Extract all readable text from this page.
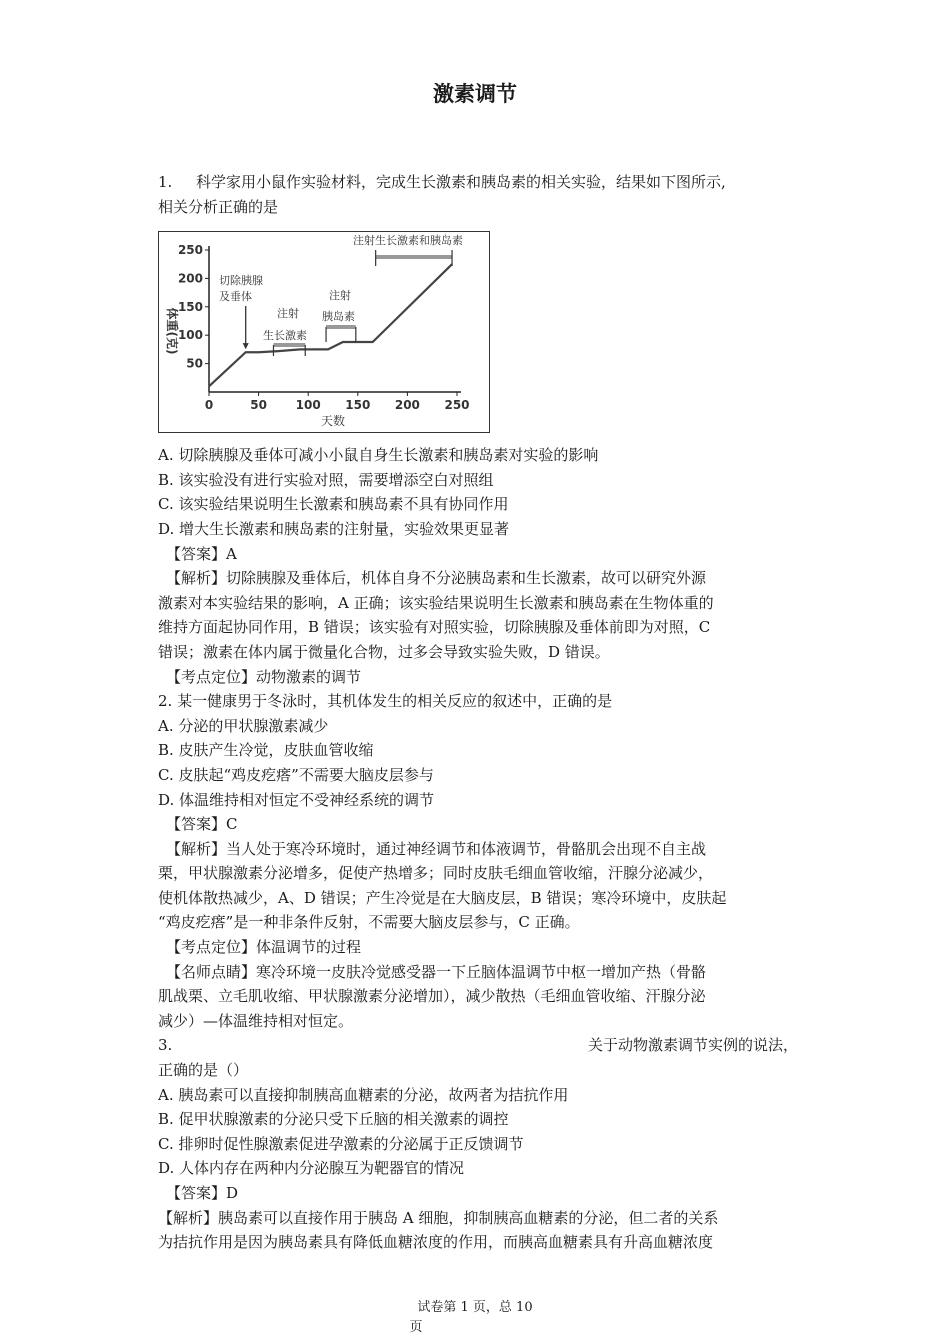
激素调节
1.	科学家用小鼠作实验材料，完成生长激素和胰岛素的相关实验，结果如下图所示,
相关分析正确的是
0	50 100 150 200 250
50
100
150
200
250
天数
体重(克)
切除胰腺
及垂体
注射
生长激素
注射
胰岛素
注射生长激素和胰岛素
A. 切除胰腺及垂体可减小小鼠自身生长激素和胰岛素对实验的影响
B. 该实验没有进行实验对照，需要增添空白对照组
C. 该实验结果说明生长激素和胰岛素不具有协同作用
D. 增大生长激素和胰岛素的注射量，实验效果更显著
【答案】A
【解析】切除胰腺及垂体后，机体自身不分泌胰岛素和生长激素，故可以研究外源
激素对本实验结果的影响，A 正确；该实验结果说明生长激素和胰岛素在生物体重的
维持方面起协同作用，B 错误；该实验有对照实验，切除胰腺及垂体前即为对照，C
错误；激素在体内属于微量化合物，过多会导致实验失败，D 错误。
【考点定位】动物激素的调节
2. 某一健康男于冬泳时，其机体发生的相关反应的叙述中，正确的是
A. 分泌的甲状腺激素减少
B. 皮肤产生冷觉，皮肤血管收缩
C. 皮肤起“鸡皮疙瘩”不需要大脑皮层参与
D. 体温维持相对恒定不受神经系统的调节
【答案】C
【解析】当人处于寒冷环境时，通过神经调节和体液调节，骨骼肌会出现不自主战
栗，甲状腺激素分泌增多，促使产热增多；同时皮肤毛细血管收缩，汗腺分泌减少，
使机体散热减少，A、D 错误；产生冷觉是在大脑皮层，B 错误；寒冷环境中，皮肤起
“鸡皮疙瘩”是一种非条件反射，不需要大脑皮层参与，C 正确。
【考点定位】体温调节的过程
【名师点睛】寒冷环境一皮肤冷觉感受器一下丘脑体温调节中枢一增加产热（骨骼
肌战栗、立毛肌收缩、甲状腺激素分泌增加），减少散热（毛细血管收缩、汗腺分泌
减少）—体温维持相对恒定。
3.	关于动物激素调节实例的说法，
正确的是（）
A. 胰岛素可以直接抑制胰高血糖素的分泌，故两者为拮抗作用
B. 促甲状腺激素的分泌只受下丘脑的相关激素的调控
C. 排卵时促性腺激素促进孕激素的分泌属于正反馈调节
D. 人体内存在两种内分泌腺互为靶器官的情况
【答案】D
【解析】胰岛素可以直接作用于胰岛 A 细胞，抑制胰高血糖素的分泌，但二者的关系
为拮抗作用是因为胰岛素具有降低血糖浓度的作用，而胰高血糖素具有升高血糖浓度
试卷第 1 页，总 10
页
